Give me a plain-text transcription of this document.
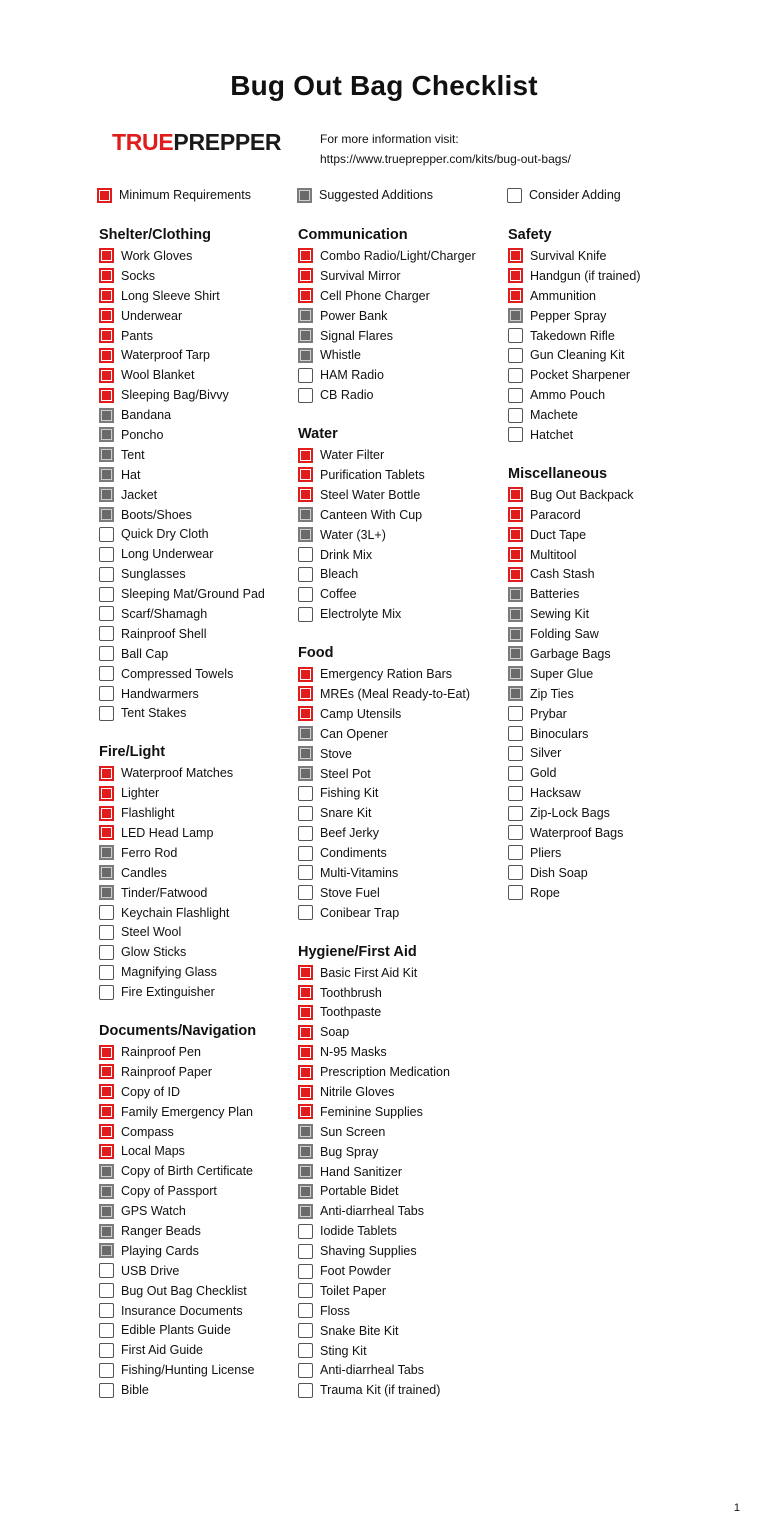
Bug Out Bag Checklist
TRUEPREPPER	For more information visit:
https://www.trueprepper.com/kits/bug-out-bags/
Minimum Requirements	Suggested Additions	Consider Adding
Shelter/Clothing
Work Gloves
Socks
Long Sleeve Shirt
Underwear
Pants
Waterproof Tarp
Wool Blanket
Sleeping Bag/Bivvy
Bandana
Poncho
Tent
Hat
Jacket
Boots/Shoes
Quick Dry Cloth
Long Underwear
Sunglasses
Sleeping Mat/Ground Pad
Scarf/Shamagh
Rainproof Shell
Ball Cap
Compressed Towels
Handwarmers
Tent Stakes
Fire/Light
Waterproof Matches
Lighter
Flashlight
LED Head Lamp
Ferro Rod
Candles
Tinder/Fatwood
Keychain Flashlight
Steel Wool
Glow Sticks
Magnifying Glass
Fire Extinguisher
Documents/Navigation
Rainproof Pen
Rainproof Paper
Copy of ID
Family Emergency Plan
Compass
Local Maps
Copy of Birth Certificate
Copy of Passport
GPS Watch
Ranger Beads
Playing Cards
USB Drive
Bug Out Bag Checklist
Insurance Documents
Edible Plants Guide
First Aid Guide
Fishing/Hunting License
Bible
Communication
Combo Radio/Light/Charger
Survival Mirror
Cell Phone Charger
Power Bank
Signal Flares
Whistle
HAM Radio
CB Radio
Water
Water Filter
Purification Tablets
Steel Water Bottle
Canteen With Cup
Water (3L+)
Drink Mix
Bleach
Coffee
Electrolyte Mix
Food
Emergency Ration Bars
MREs (Meal Ready-to-Eat)
Camp Utensils
Can Opener
Stove
Steel Pot
Fishing Kit
Snare Kit
Beef Jerky
Condiments
Multi-Vitamins
Stove Fuel
Conibear Trap
Hygiene/First Aid
Basic First Aid Kit
Toothbrush
Toothpaste
Soap
N-95 Masks
Prescription Medication
Nitrile Gloves
Feminine Supplies
Sun Screen
Bug Spray
Hand Sanitizer
Portable Bidet
Anti-diarrheal Tabs
Iodide Tablets
Shaving Supplies
Foot Powder
Toilet Paper
Floss
Snake Bite Kit
Sting Kit
Anti-diarrheal Tabs
Trauma Kit (if trained)
Safety
Survival Knife
Handgun (if trained)
Ammunition
Pepper Spray
Takedown Rifle
Gun Cleaning Kit
Pocket Sharpener
Ammo Pouch
Machete
Hatchet
Miscellaneous
Bug Out Backpack
Paracord
Duct Tape
Multitool
Cash Stash
Batteries
Sewing Kit
Folding Saw
Garbage Bags
Super Glue
Zip Ties
Prybar
Binoculars
Silver
Gold
Hacksaw
Zip-Lock Bags
Waterproof Bags
Pliers
Dish Soap
Rope
1
